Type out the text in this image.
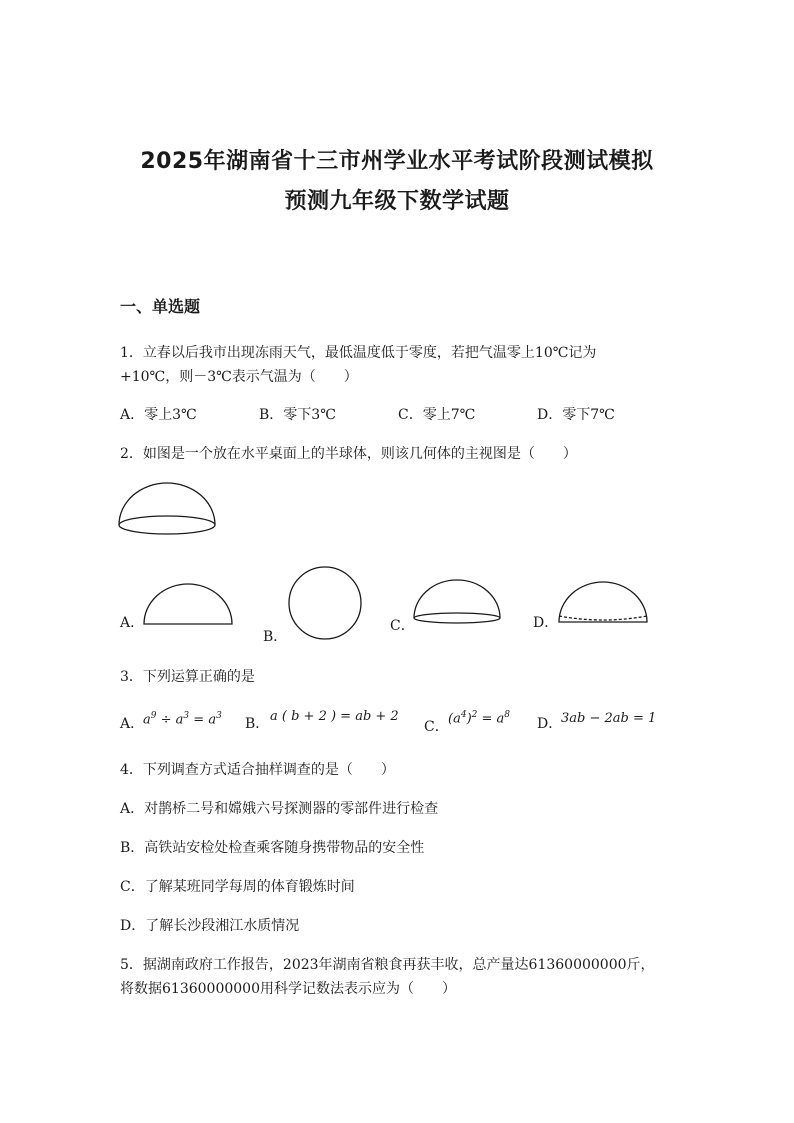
2025年湖南省十三市州学业水平考试阶段测试模拟
预测九年级下数学试题
一、单选题
1．立春以后我市出现冻雨天气，最低温度低于零度，若把气温零上10℃记为
+10℃，则－3℃表示气温为（　　）
A．零上3℃	B．零下3℃	C．零上7℃	D．零下7℃
2．如图是一个放在水平桌面上的半球体，则该几何体的主视图是（　　）
A．
B．
C．	D．
3．下列运算正确的是
A．
$a^9 \div a^3 = a^3$ B． a ( b + 2 ) = ab + 2
C．
$(a^4)^2 = a^8$
D．
3ab − 2ab = 1
4．下列调查方式适合抽样调查的是（　　）
A．对鹊桥二号和嫦娥六号探测器的零部件进行检查
B．高铁站安检处检查乘客随身携带物品的安全性
C．了解某班同学每周的体育锻炼时间
D．了解长沙段湘江水质情况
5．据湖南政府工作报告，2023年湖南省粮食再获丰收，总产量达61360000000斤，
将数据61360000000用科学记数法表示应为（　　）
